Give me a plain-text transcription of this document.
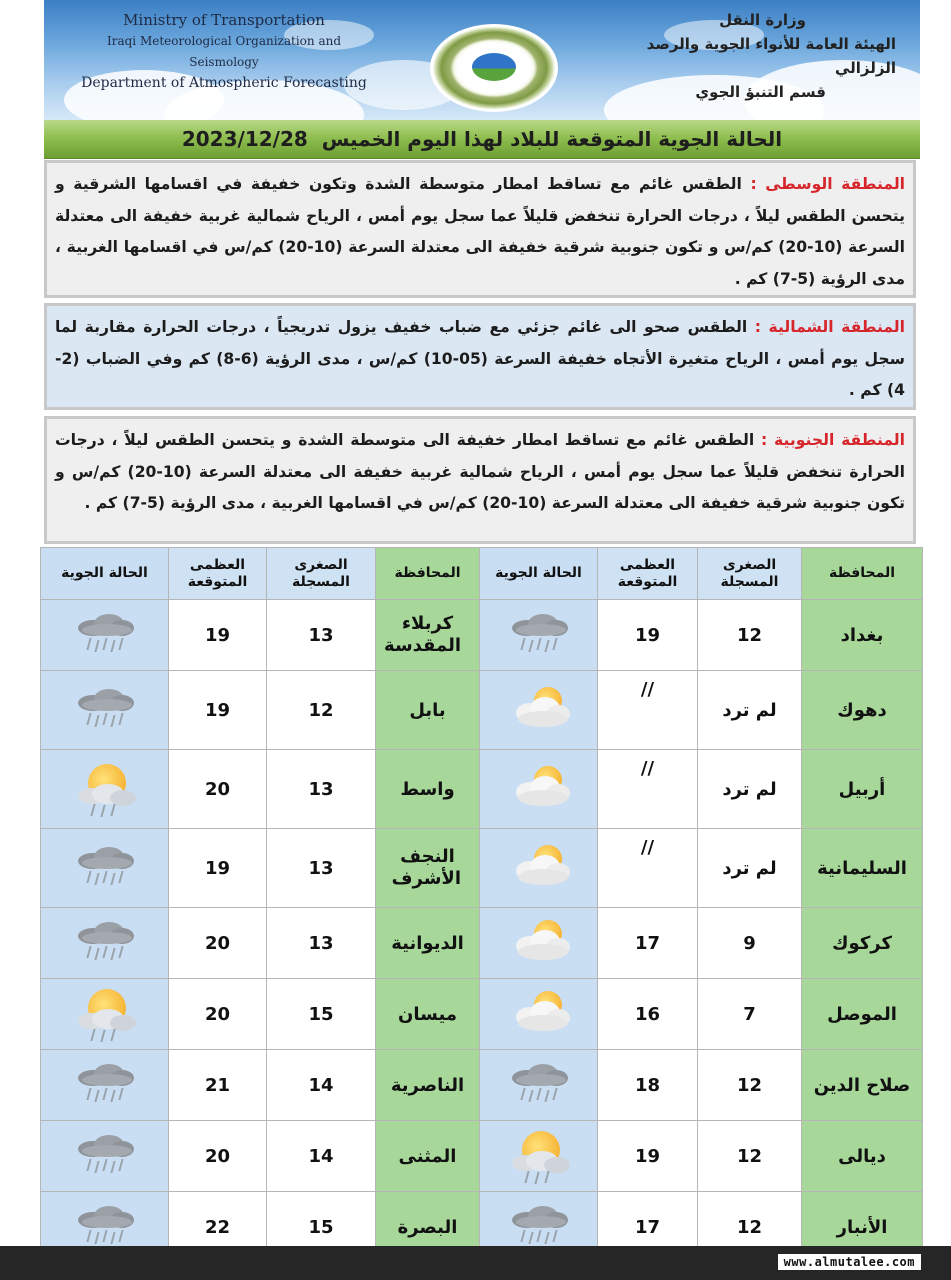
Ministry of Transportation
Iraqi Meteorological Organization and Seismology
Department of Atmospheric Forecasting
وزارة النقل
الهيئة العامة للأنواء الجوية والرصد الزلزالي
قسم التنبؤ الجوي
الحالة الجوية المتوقعة للبلاد لهذا اليوم الخميس  2023/12/28
المنطقة الوسطى : الطقس غائم مع تساقط امطار متوسطة الشدة وتكون خفيفة في اقسامها الشرقية و يتحسن الطقس ليلاً ، درجات الحرارة تنخفض قليلاً عما سجل يوم أمس ، الرياح شمالية غربية خفيفة الى معتدلة السرعة (10-20) كم/س و تكون جنوبية شرقية خفيفة الى معتدلة السرعة (10-20) كم/س في اقسامها الغربية ، مدى الرؤية (5-7) كم .
المنطقة الشمالية : الطقس صحو الى غائم جزئي مع ضباب خفيف يزول تدريجياً ، درجات الحرارة مقاربة لما سجل يوم أمس ، الرياح متغيرة الأتجاه خفيفة السرعة (05-10) كم/س ، مدى الرؤية (6-8) كم وفي الضباب (2-4) كم .
المنطقة الجنوبية : الطقس غائم مع تساقط امطار خفيفة الى متوسطة الشدة و يتحسن الطقس ليلاً ، درجات الحرارة تنخفض قليلاً عما سجل يوم أمس ، الرياح شمالية غربية خفيفة الى معتدلة السرعة (10-20) كم/س و تكون جنوبية شرقية خفيفة الى معتدلة السرعة (10-20) كم/س في اقسامها الغربية ، مدى الرؤية (5-7) كم .
المحافظة	الصغرى المسجلة	العظمى المتوقعة	الحالة الجوية	المحافظة	الصغرى المسجلة	العظمى المتوقعة	الحالة الجوية
بغداد	12	19		كربلاء المقدسة	13	19	

دهوك	لم ترد	//		بابل	12	19	

أربيل	لم ترد	//		واسط	13	20	

السليمانية	لم ترد	//		النجف الأشرف	13	19	

كركوك	9	17		الديوانية	13	20	

الموصل	7	16		ميسان	15	20	

صلاح الدين	12	18		الناصرية	14	21	

ديالى	12	19		المثنى	14	20	

الأنبار	12	17		البصرة	15	22	
www.almutalee.com
